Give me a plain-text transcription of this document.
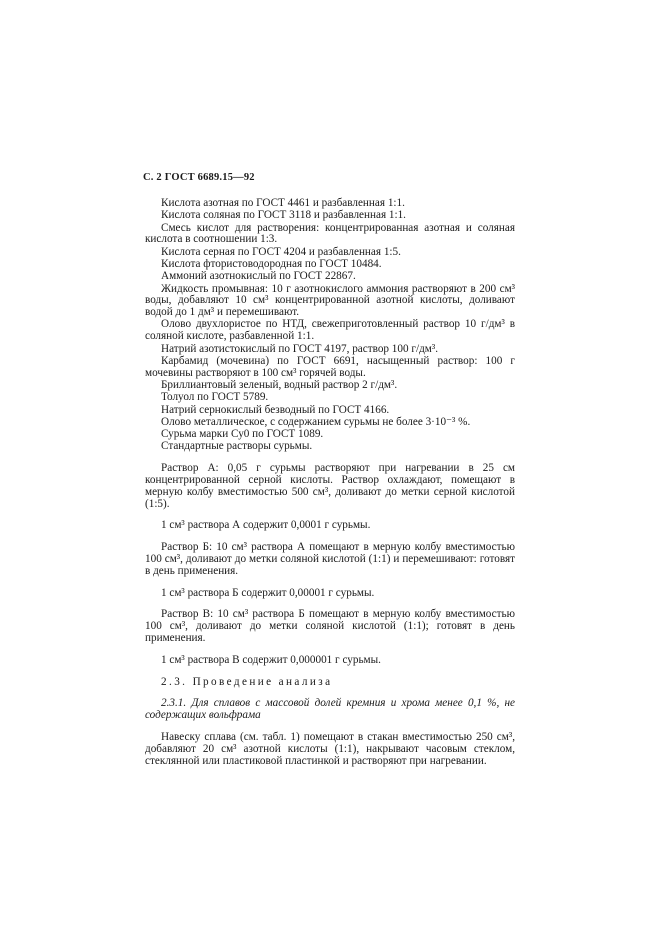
С. 2 ГОСТ 6689.15—92

Кислота азотная по ГОСТ 4461 и разбавленная 1:1.

Кислота соляная по ГОСТ 3118 и разбавленная 1:1.

Смесь кислот для растворения: концентрированная азотная и соляная кислота в соотношении 1:3.

Кислота серная по ГОСТ 4204 и разбавленная 1:5.

Кислота фтористоводородная по ГОСТ 10484.

Аммоний азотнокислый по ГОСТ 22867.

Жидкость промывная: 10 г азотнокислого аммония растворяют в 200 см³ воды, добавляют 10 см³ концентрированной азотной кислоты, доливают водой до 1 дм³ и перемешивают.

Олово двухлористое по НТД, свежеприготовленный раствор 10 г/дм³ в соляной кислоте, разбавленной 1:1.

Натрий азотистокислый по ГОСТ 4197, раствор 100 г/дм³.

Карбамид (мочевина) по ГОСТ 6691, насыщенный раствор: 100 г мочевины растворяют в 100 см³ горячей воды.

Бриллиантовый зеленый, водный раствор 2 г/дм³.

Толуол по ГОСТ 5789.

Натрий сернокислый безводный по ГОСТ 4166.

Олово металлическое, с содержанием сурьмы не более 3·10⁻³ %.

Сурьма марки Су0 по ГОСТ 1089.

Стандартные растворы сурьмы.

Раствор А: 0,05 г сурьмы растворяют при нагревании в 25 см концентрированной серной кислоты. Раствор охлаждают, помещают в мерную колбу вместимостью 500 см³, доливают до метки серной кислотой (1:5).

1 см³ раствора А содержит 0,0001 г сурьмы.

Раствор Б: 10 см³ раствора А помещают в мерную колбу вместимостью 100 см³, доливают до метки соляной кислотой (1:1) и перемешивают: готовят в день применения.

1 см³ раствора Б содержит 0,00001 г сурьмы.

Раствор В: 10 см³ раствора Б помещают в мерную колбу вместимостью 100 см³, доливают до метки соляной кислотой (1:1); готовят в день применения.

1 см³ раствора В содержит 0,000001 г сурьмы.

2.3. Проведение анализа

2.3.1. Для сплавов с массовой долей кремния и хрома менее 0,1 %, не содержащих вольфрама

Навеску сплава (см. табл. 1) помещают в стакан вместимостью 250 см³, добавляют 20 см³ азотной кислоты (1:1), накрывают часовым стеклом, стеклянной или пластиковой пластинкой и растворяют при нагревании.
